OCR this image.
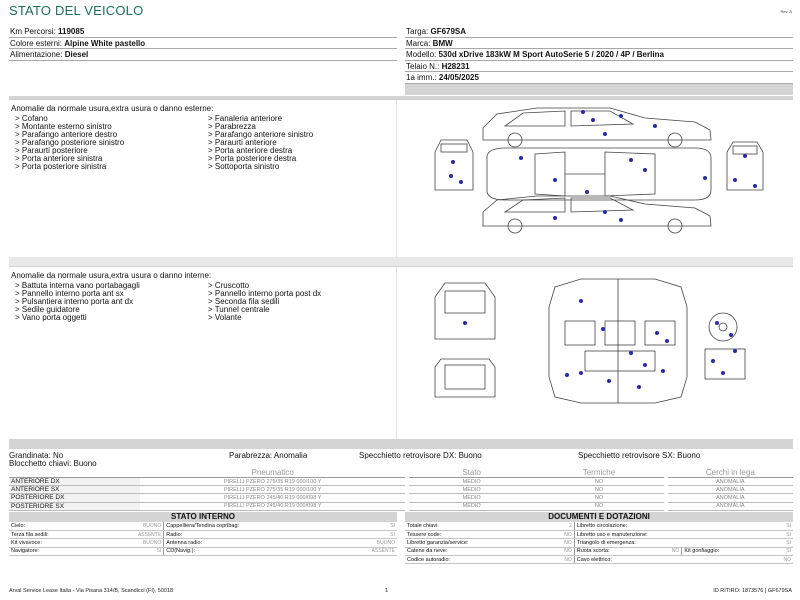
STATO DEL VEICOLO	Rev. A
Km Percorsi: 119085
Colore esterni: Alpine White pastello
Alimentazione: Diesel
Targa: GF679SA
Marca: BMW
Modello: 530d xDrive 183kW M Sport AutoSerie 5 / 2020 / 4P / Berlina
Telaio N.: H28231
1a imm.: 24/05/2025
Anomalie da normale usura,extra usura o danno esterne:
> Cofano
> Montante esterno sinistro
> Parafango anteriore destro
> Parafango posteriore sinistro
> Paraurti posteriore
> Porta anteriore sinistra
> Porta posteriore sinistra
> Fanaleria anteriore
> Parabrezza
> Parafango anteriore sinistro
> Paraurti anteriore
> Porta anteriore destra
> Porta posteriore destra
> Sottoporta sinistro
Anomalie da normale usura,extra usura o danno interne:
> Battuta interna vano portabagagli
> Pannello interno porta ant sx
> Pulsantiera interno porta ant dx
> Sedile guidatore
> Vano porta oggetti
> Cruscotto
> Pannello interno porta post dx
> Seconda fila sedili
> Tunnel centrale
> Volante
Grandinata: No
Blocchetto chiavi: Buono
Parabrezza: Anomalia	Specchietto retrovisore DX: Buono	Specchietto retrovisore SX: Buono
	Pneumatico		Stato	Termiche		Cerchi in lega
ANTERIORE DX	PIRELLI PZERO 275/35 R19 000/100 Y		MEDIO	NO		ANOMALIA
ANTERIORE SX	PIRELLI PZERO 275/35 R19 000/100 Y		MEDIO	NO		ANOMALIA
POSTERIORE DX	PIRELLI PZERO 245/40 R19 000/098 Y		MEDIO	NO		ANOMALIA
POSTERIORE SX	PIRELLI PZERO 245/40 R19 000/098 Y		MEDIO	NO		ANOMALIA
STATO INTERNO
Cielo:	BUONO	Cappelliera/Tendina copribag:	SI
Terza fila sedili:	ASSENTE	Radio:	SI
Kit vivavoce:	BUONO	Antenna radio:	BUONO
Navigatore:	SI	CD(Navig.):	ASSENTE
DOCUMENTI E DOTAZIONI
Totale chiavi:	2	Libretto circolazione:			SI
Tessere code:	NO	Libretto uso e manutenzione:			SI
Libretto garanzia/service:	NO	Triangolo di emergenza:			SI
Catene da neve:	NO	Ruota scorta:	NO	Kit gonfiaggio:	SI
Codice autoradio:	NO	Cavo elettrico:			NO
Arval Service Lease Italia - Via Pisana 314/B, Scandicci (FI), 50018	1	ID RITIRO: 1873576 | GF679SA
